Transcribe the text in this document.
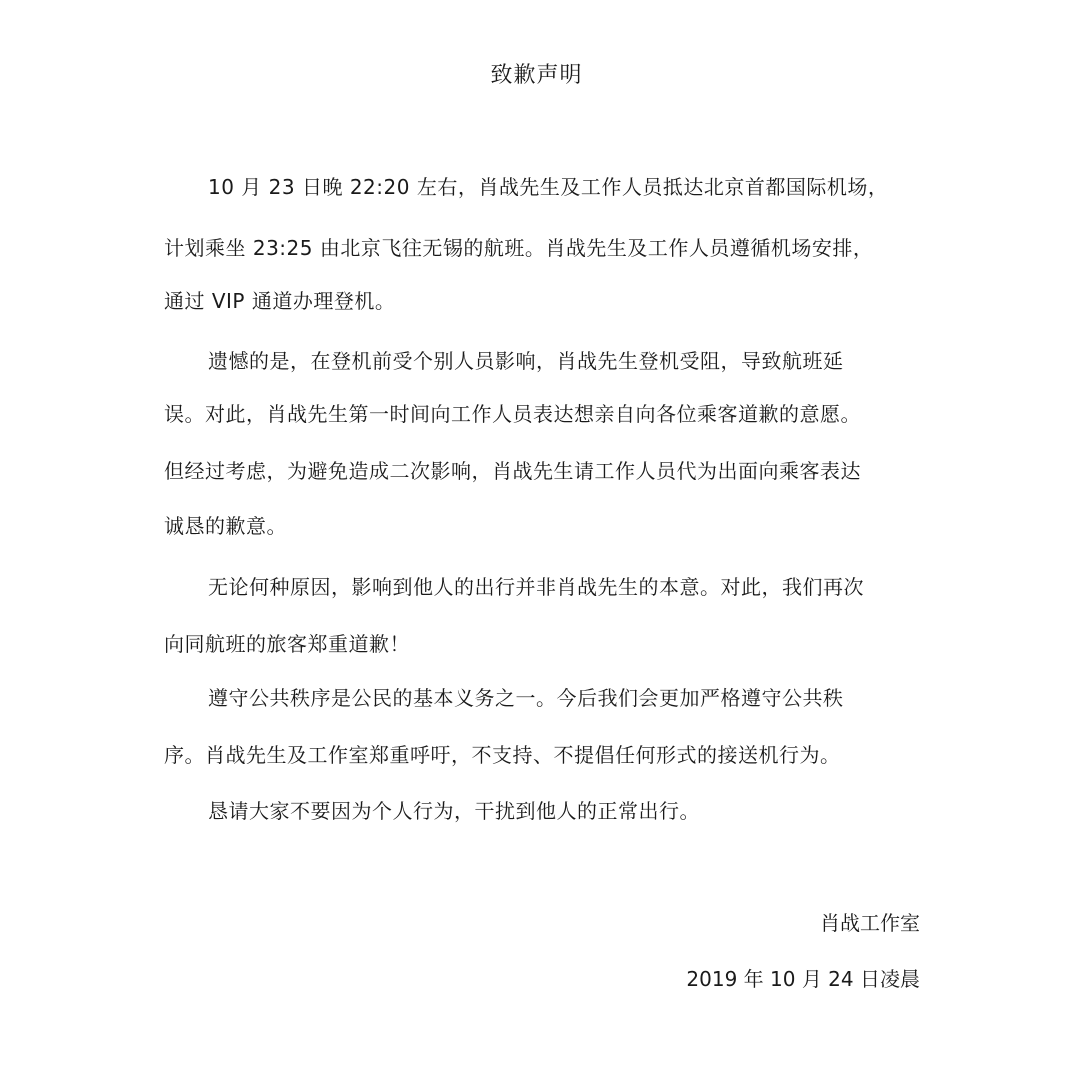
致歉声明
10 月 23 日晚 22:20 左右，肖战先生及工作人员抵达北京首都国际机场，
计划乘坐 23:25 由北京飞往无锡的航班。肖战先生及工作人员遵循机场安排，
通过 VIP 通道办理登机。
遗憾的是，在登机前受个别人员影响，肖战先生登机受阻，导致航班延
误。对此，肖战先生第一时间向工作人员表达想亲自向各位乘客道歉的意愿。
但经过考虑，为避免造成二次影响，肖战先生请工作人员代为出面向乘客表达
诚恳的歉意。
无论何种原因，影响到他人的出行并非肖战先生的本意。对此，我们再次
向同航班的旅客郑重道歉！
遵守公共秩序是公民的基本义务之一。今后我们会更加严格遵守公共秩
序。肖战先生及工作室郑重呼吁，不支持、不提倡任何形式的接送机行为。
恳请大家不要因为个人行为，干扰到他人的正常出行。
肖战工作室
2019 年 10 月 24 日凌晨
